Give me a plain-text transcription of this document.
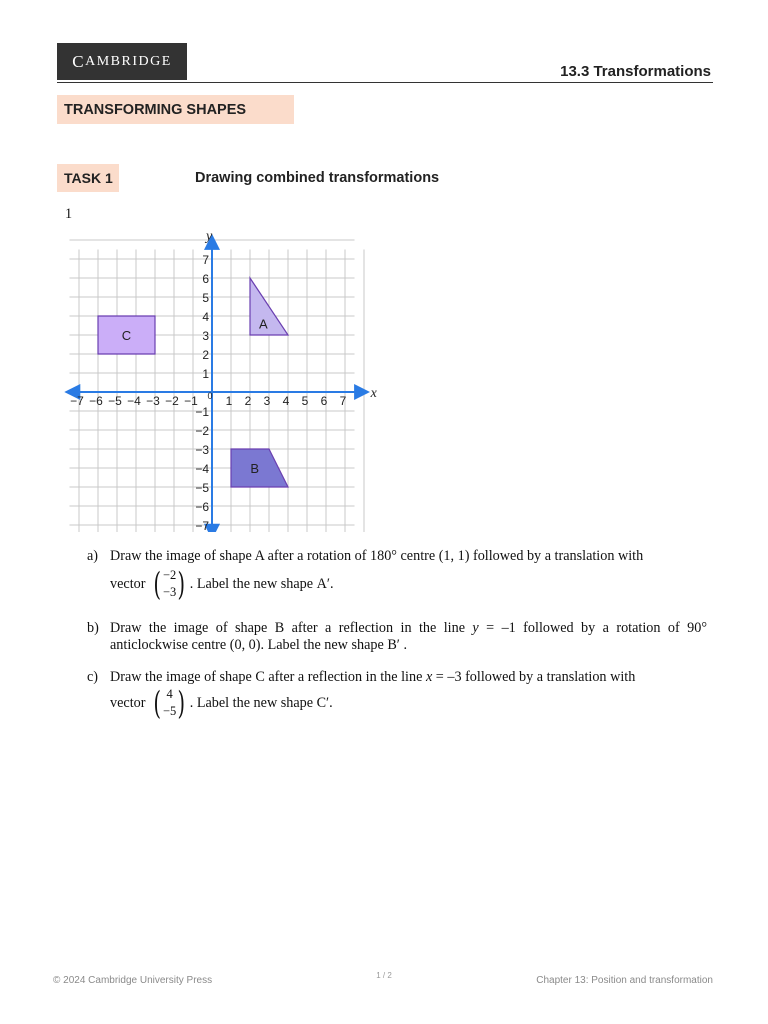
C AMBRIDGE
13.3 Transformations
TRANSFORMING SHAPES
TASK 1	Drawing combined transformations
1
A
B
C
x
y
−7 −6 −5 −4 −3 −2 −1 0 1 2 3 4 5 6 7
7
6
5
4
3
2
1
−1
−2
−3
−4
−5
−6
−7
a) Draw the image of shape A after a rotation of 180° centre (1, 1) followed by a translation with
vector ( −2
−3 ) . Label the new shape
A′ .
b) Draw the image of shape B after a reflection in the line y = –1 followed by a rotation of 90° anticlockwise centre (0, 0). Label the new shape B′ .
c) Draw the image of shape C after a reflection in the line x = –3 followed by a translation with
vector ( 4
−5 ) . Label the new shape
C′ .
© 2024 Cambridge University Press	1 / 2	Chapter 13: Position and transformation
